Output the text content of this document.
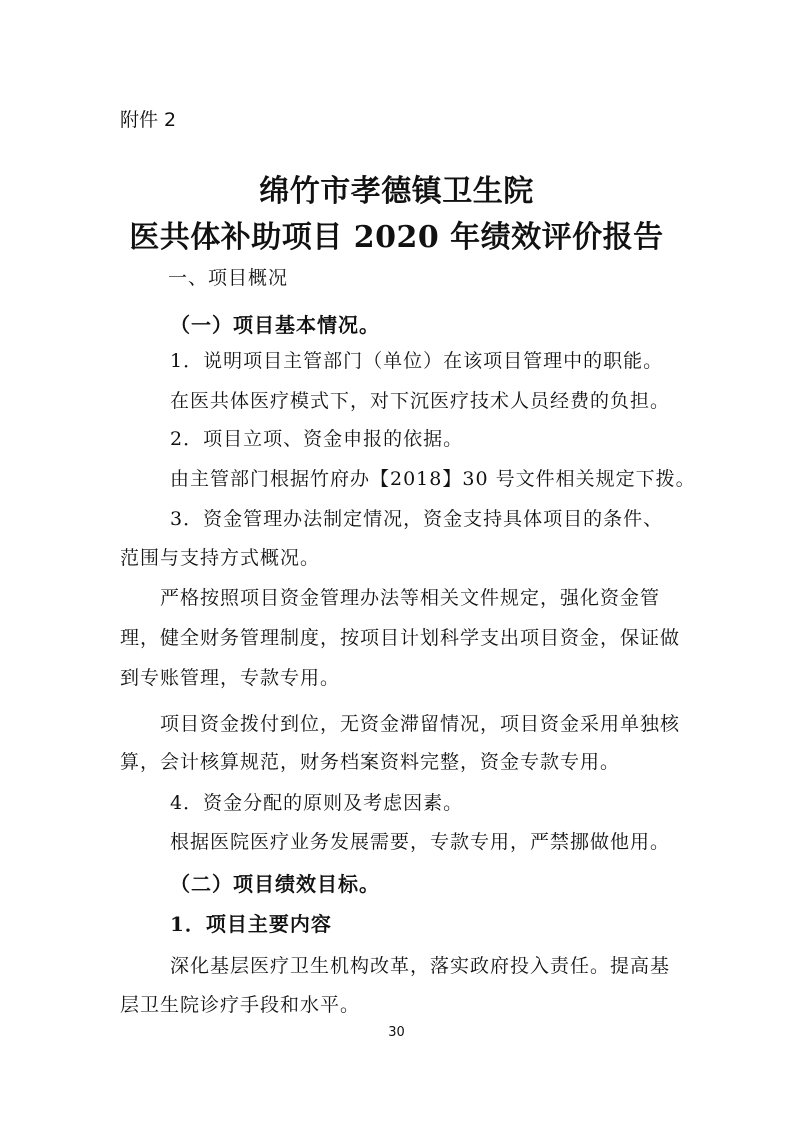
附件 2
绵竹市孝德镇卫生院
医共体补助项目 2020 年绩效评价报告
一、项目概况
（一）项目基本情况。
1．说明项目主管部门（单位）在该项目管理中的职能。
在医共体医疗模式下，对下沉医疗技术人员经费的负担。
2．项目立项、资金申报的依据。
由主管部门根据竹府办【2018】30 号文件相关规定下拨。
3．资金管理办法制定情况，资金支持具体项目的条件、
范围与支持方式概况。
严格按照项目资金管理办法等相关文件规定，强化资金管
理，健全财务管理制度，按项目计划科学支出项目资金，保证做
到专账管理，专款专用。
项目资金拨付到位，无资金滞留情况，项目资金采用单独核
算，会计核算规范，财务档案资料完整，资金专款专用。
4．资金分配的原则及考虑因素。
根据医院医疗业务发展需要，专款专用，严禁挪做他用。
（二）项目绩效目标。
1．项目主要内容
深化基层医疗卫生机构改革，落实政府投入责任。提高基
层卫生院诊疗手段和水平。
30
